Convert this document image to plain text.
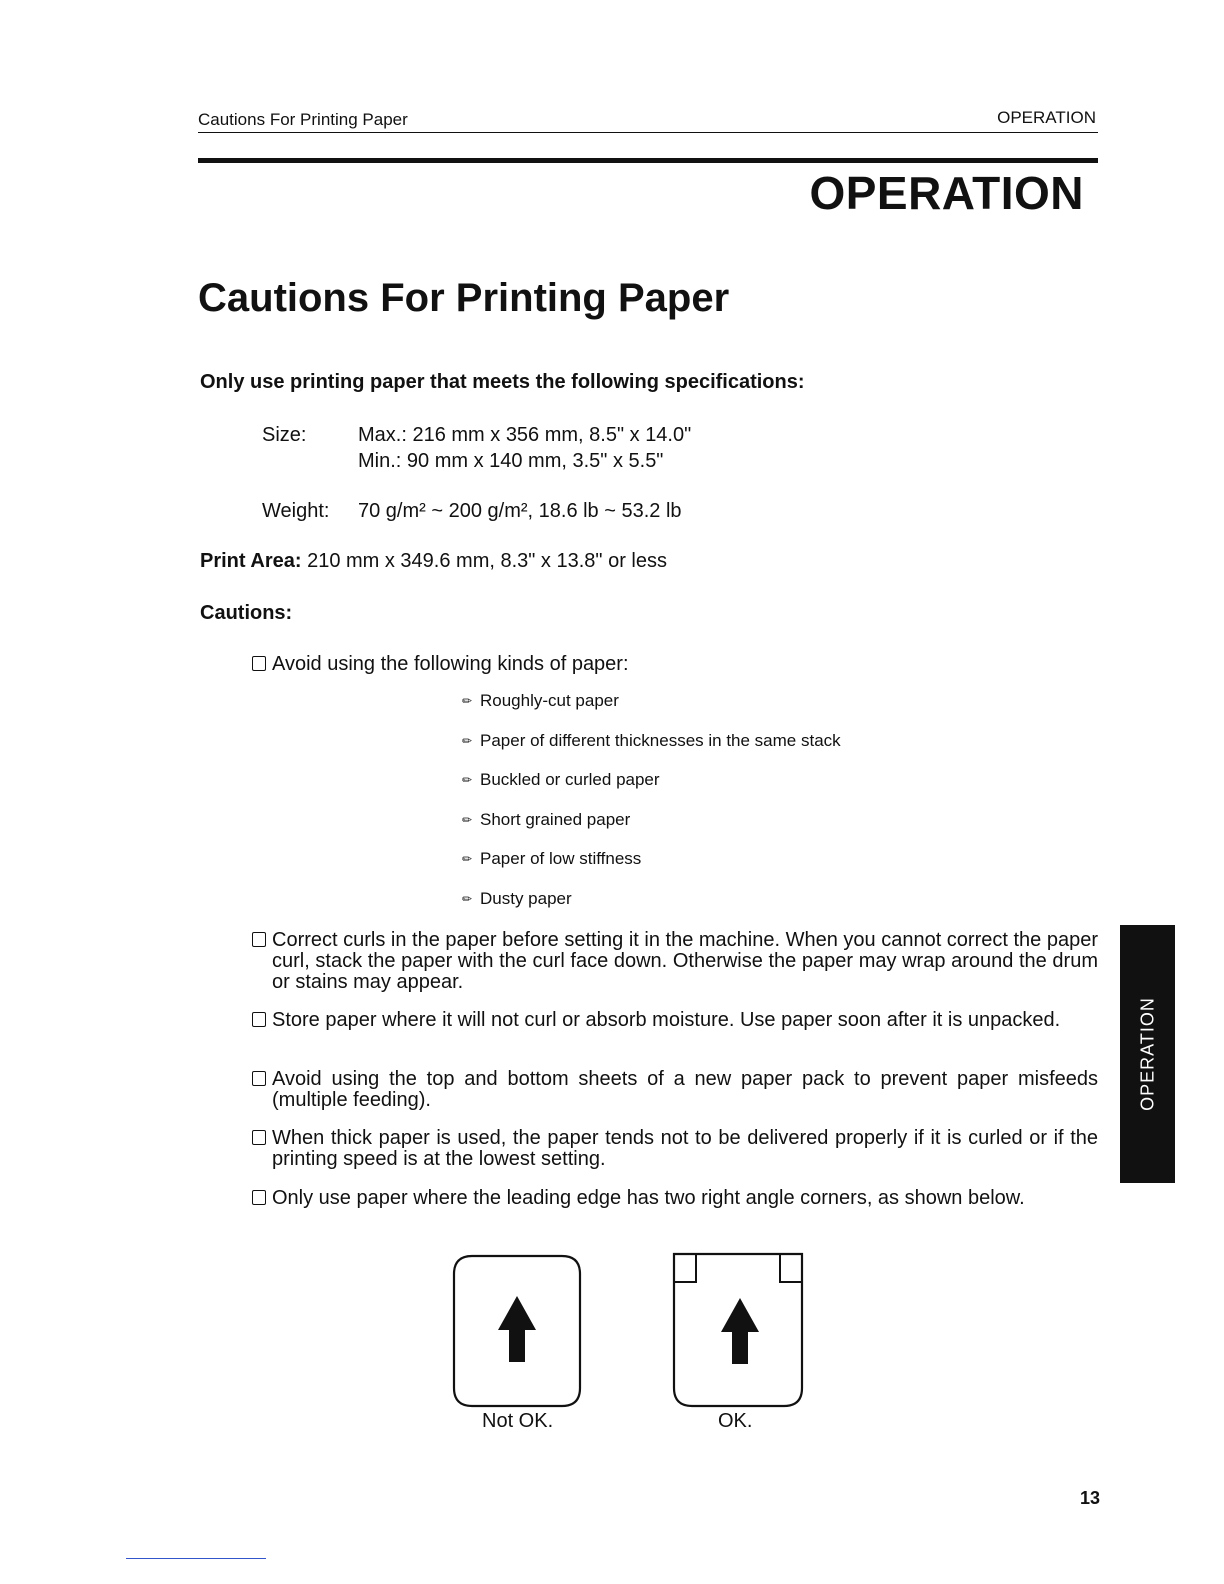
Cautions For Printing Paper	OPERATION
OPERATION
Cautions For Printing Paper
Only use printing paper that meets the following specifications:
Size:	Max.: 216 mm x 356 mm, 8.5" x 14.0"
Min.: 90 mm x 140 mm, 3.5" x 5.5"
Weight: 70 g/m² ~ 200 g/m², 18.6 lb ~ 53.2 lb
Print Area: 210 mm x 349.6 mm, 8.3" x 13.8" or less
Cautions:
Avoid using the following kinds of paper:
✏ Roughly-cut paper
✏ Paper of different thicknesses in the same stack
✏ Buckled or curled paper
✏ Short grained paper
✏ Paper of low stiffness
✏ Dusty paper
Correct curls in the paper before setting it in the machine. When you cannot correct the paper curl, stack the paper with the curl face down. Otherwise the paper may wrap around the drum or stains may appear.
Store paper where it will not curl or absorb moisture. Use paper soon after it is unpacked.
Avoid using the top and bottom sheets of a new paper pack to prevent paper misfeeds (multiple feeding).
When thick paper is used, the paper tends not to be delivered properly if it is curled or if the printing speed is at the lowest setting.
Only use paper where the leading edge has two right angle corners, as shown below.
Not OK.	OK.
OPERATION
13
